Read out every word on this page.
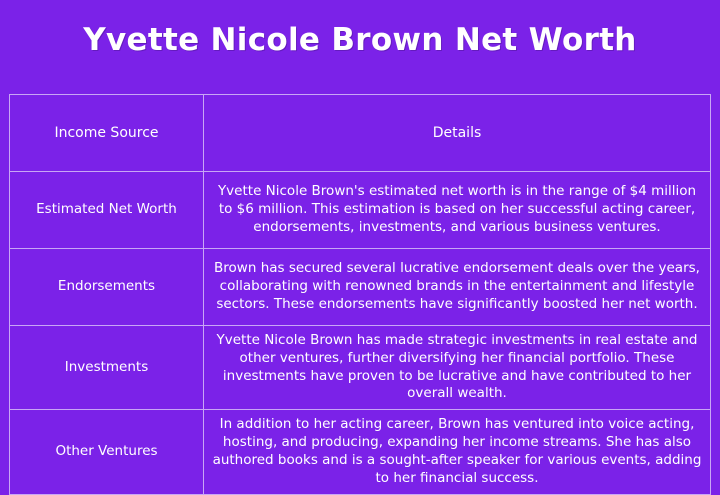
Yvette Nicole Brown Net Worth
Income Source	Details
Estimated Net Worth	Yvette Nicole Brown's estimated net worth is in the range of $4 million to $6 million. This estimation is based on her successful acting career, endorsements, investments, and various business ventures.
Endorsements	Brown has secured several lucrative endorsement deals over the years, collaborating with renowned brands in the entertainment and lifestyle sectors. These endorsements have significantly boosted her net worth.
Investments	Yvette Nicole Brown has made strategic investments in real estate and other ventures, further diversifying her financial portfolio. These investments have proven to be lucrative and have contributed to her overall wealth.
Other Ventures	In addition to her acting career, Brown has ventured into voice acting, hosting, and producing, expanding her income streams. She has also authored books and is a sought-after speaker for various events, adding to her financial success.
